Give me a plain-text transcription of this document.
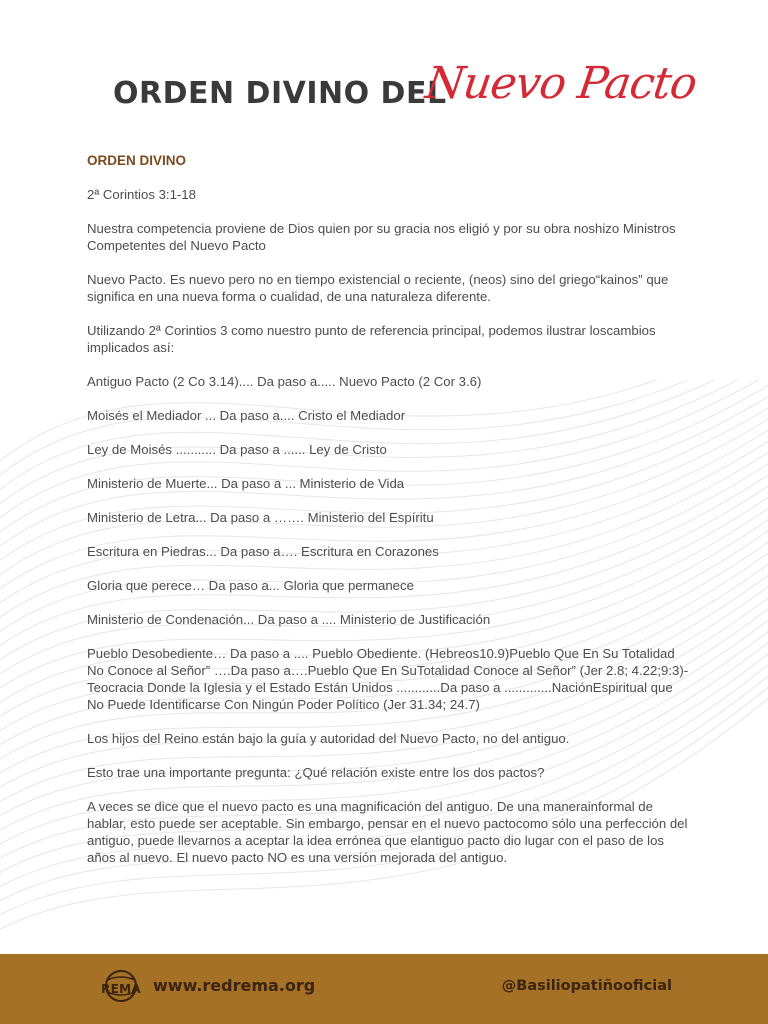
ORDEN DIVINO DEL
Nuevo Pacto
ORDEN DIVINO

2ª Corintios 3:1-18

Nuestra competencia proviene de Dios quien por su gracia nos eligió y por su obra noshizo Ministros Competentes del Nuevo Pacto

Nuevo Pacto. Es nuevo pero no en tiempo existencial o reciente, (neos) sino del griego“kainos” que significa en una nueva forma o cualidad, de una naturaleza diferente.

Utilizando 2ª Corintios 3 como nuestro punto de referencia principal, podemos ilustrar loscambios implicados así:

Antiguo Pacto (2 Co 3.14).... Da paso a..... Nuevo Pacto (2 Cor 3.6)

Moisés el Mediador ... Da paso a.... Cristo el Mediador

Ley de Moisés ........... Da paso a ...... Ley de Cristo

Ministerio de Muerte... Da paso a ... Ministerio de Vida

Ministerio de Letra... Da paso a ……. Ministerio del Espíritu

Escritura en Piedras... Da paso a…. Escritura en Corazones

Gloria que perece… Da paso a... Gloria que permanece

Ministerio de Condenación... Da paso a .... Ministerio de Justificación

Pueblo Desobediente… Da paso a .... Pueblo Obediente. (Hebreos10.9)Pueblo Que En Su Totalidad No Conoce al Señor” ….Da paso a….Pueblo Que En SuTotalidad Conoce al Señor” (Jer 2.8; 4.22;9:3)-Teocracia Donde la Iglesia y el Estado Están Unidos ............Da paso a .............NaciónEspiritual que No Puede Identificarse Con Ningún Poder Político (Jer 31.34; 24.7)

Los hijos del Reino están bajo la guía y autoridad del Nuevo Pacto, no del antiguo.

Esto trae una importante pregunta: ¿Qué relación existe entre los dos pactos?

A veces se dice que el nuevo pacto es una magnificación del antiguo. De una manerainformal de hablar, esto puede ser aceptable. Sin embargo, pensar en el nuevo pactocomo sólo una perfección del antiguo, puede llevarnos a aceptar la idea errónea que elantiguo pacto dio lugar con el paso de los años al nuevo. El nuevo pacto NO es una versión mejorada del antiguo.

REMA www.redrema.org	@Basiliopatiñooficial
